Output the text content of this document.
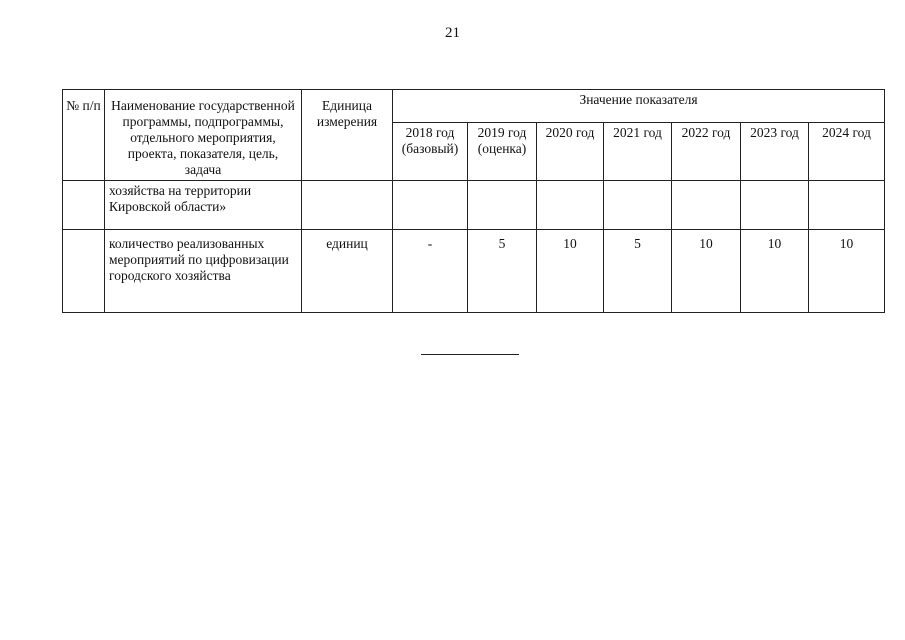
21
№ п/п	Наименование государственной программы, подпрограммы, отдельного мероприятия, проекта, показателя, цель, задача	Единица измерения	Значение показателя						
			2018 год (базовый)	2019 год (оценка)	2020 год	2021 год	2022 год	2023 год	2024 год
	хозяйства на территории Кировской области»								
	количество реализованных мероприятий по цифровизации городского хозяйства	единиц	-	5	10	5	10	10	10
